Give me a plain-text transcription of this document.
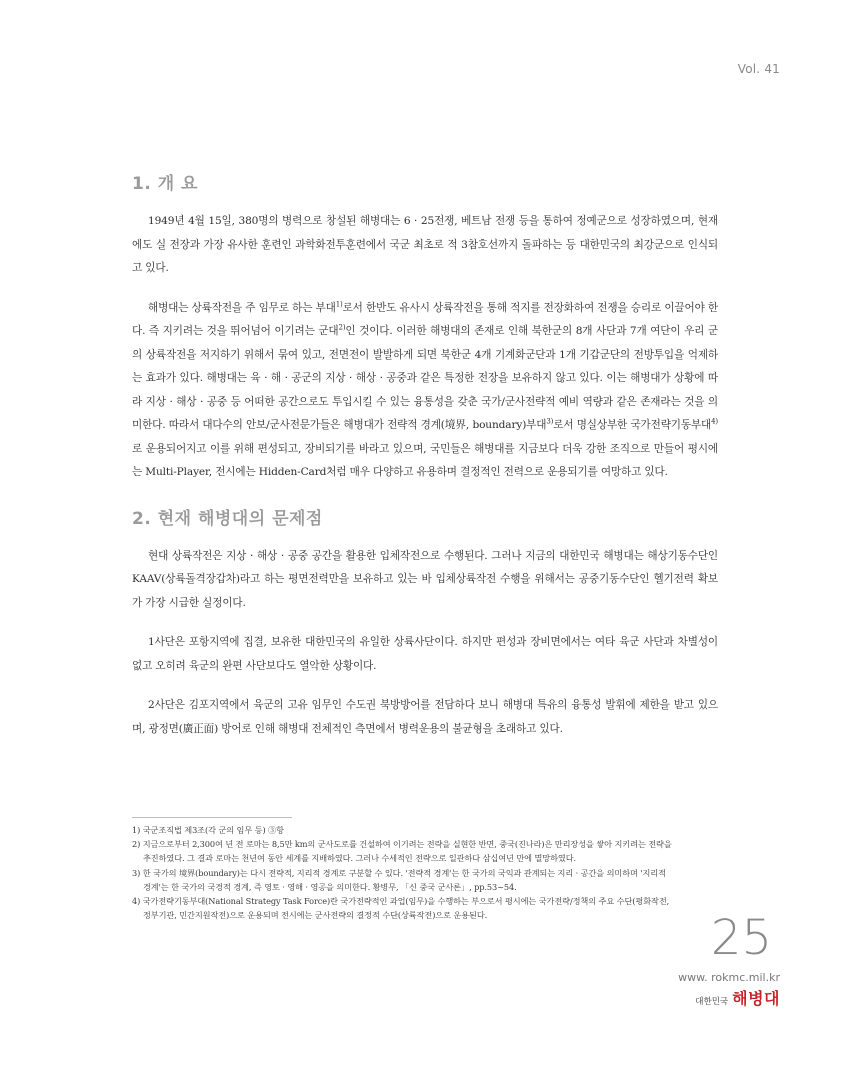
Vol. 41
1. 개 요

1949년 4월 15일, 380명의 병력으로 창설된 해병대는 6 · 25전쟁, 베트남 전쟁 등을 통하여 정예군으로 성장하였으며, 현재에도 실 전장과 가장 유사한 훈련인 과학화전투훈련에서 국군 최초로 적 3참호선까지 돌파하는 등 대한민국의 최강군으로 인식되고 있다.

해병대는 상륙작전을 주 임무로 하는 부대$^{1)}$로서 한반도 유사시 상륙작전을 통해 적지를 전장화하여 전쟁을 승리로 이끌어야 한다. 즉 지키려는 것을 뛰어넘어 이기려는 군대$^{2)}$인 것이다. 이러한 해병대의 존재로 인해 북한군의 8개 사단과 7개 여단이 우리 군의 상륙작전을 저지하기 위해서 묶여 있고, 전면전이 발발하게 되면 북한군 4개 기계화군단과 1개 기갑군단의 전방투입을 억제하는 효과가 있다. 해병대는 육 · 해 · 공군의 지상 · 해상 · 공중과 같은 특정한 전장을 보유하지 않고 있다. 이는 해병대가 상황에 따라 지상 · 해상 · 공중 등 어떠한 공간으로도 투입시킬 수 있는 융통성을 갖춘 국가/군사전략적 예비 역량과 같은 존재라는 것을 의미한다. 따라서 대다수의 안보/군사전문가들은 해병대가 전략적 경계(境界, boundary)부대$^{3)}$로서 명실상부한 국가전략기동부대$^{4)}$로 운용되어지고 이를 위해 편성되고, 장비되기를 바라고 있으며, 국민들은 해병대를 지금보다 더욱 강한 조직으로 만들어 평시에는 Multi-Player, 전시에는 Hidden-Card처럼 매우 다양하고 유용하며 결정적인 전력으로 운용되기를 여망하고 있다.

2. 현재 해병대의 문제점

현대 상륙작전은 지상 · 해상 · 공중 공간을 활용한 입체작전으로 수행된다. 그러나 지금의 대한민국 해병대는 해상기동수단인 KAAV(상륙돌격장갑차)라고 하는 평면전력만을 보유하고 있는 바 입체상륙작전 수행을 위해서는 공중기동수단인 헬기전력 확보가 가장 시급한 실정이다.

1사단은 포항지역에 집결, 보유한 대한민국의 유일한 상륙사단이다. 하지만 편성과 장비면에서는 여타 육군 사단과 차별성이 없고 오히려 육군의 완편 사단보다도 열악한 상황이다.

2사단은 김포지역에서 육군의 고유 임무인 수도권 북방방어를 전담하다 보니 해병대 특유의 융통성 발휘에 제한을 받고 있으며, 광정면(廣正面) 방어로 인해 해병대 전체적인 측면에서 병력운용의 불균형을 초래하고 있다.

1) 국군조직법 제3조(각 군의 임무 등) ③항

2) 지금으로부터 2,300여 년 전 로마는 8,5만 km의 군사도로를 건설하여 이기려는 전략을 실현한 반면, 중국(진나라)은 만리장성을 쌓아 지키려는 전략을 추진하였다. 그 결과 로마는 천년여 동안 세계를 지배하였다. 그러나 수세적인 전략으로 일관하다 삼십여년 만에 멸망하였다.

3) 한 국가의 境界(boundary)는 다시 전략적, 지리적 경계로 구분할 수 있다. '전략적 경계'는 한 국가의 국익과 관계되는 지리 · 공간을 의미하며 '지리적 경계'는 한 국가의 국경적 경계, 즉 영토 · 영해 · 영공을 의미한다. 황병무, 「신 중국 군사론」, pp.53~54.

4) 국가전략기동부대(National Strategy Task Force)란 국가전략적인 과업(임무)을 수행하는 부으로서 평시에는 국가전략/정책의 주요 수단(평화작전, 정부기관, 민간지원작전)으로 운용되며 전시에는 군사전략의 결정적 수단(상륙작전)으로 운용된다.	25
www. rokmc.mil.kr
대한민국 해병대
